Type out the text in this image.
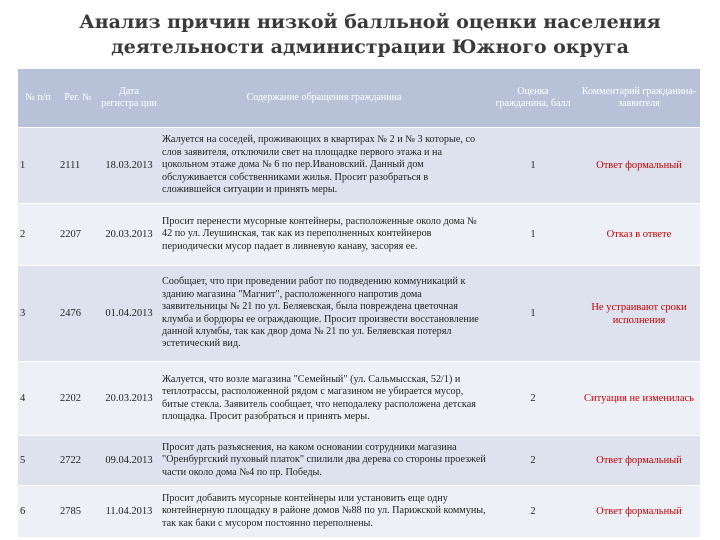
Анализ причин низкой балльной оценки населения
деятельности администрации Южного округа
№ п/п	Рег. №	Дата регистра ции	Содержание обращения гражданина	Оценка гражданина, балл	Комментарий гражданина-заявителя
1	2111	18.03.2013	Жалуется на соседей, проживающих в квартирах № 2 и № 3 которые, со слов заявителя, отключили свет на площадке первого этажа и на цокольном этаже дома № 6 по пер.Ивановский. Данный дом обслуживается собственниками жилья. Просит разобраться в сложившейся ситуации и принять меры.	1	Ответ формальный
2	2207	20.03.2013	Просит перенести мусорные контейнеры, расположенные около дома № 42 по ул. Леушинская, так как из переполненных контейнеров периодически мусор падает в ливневую канаву, засоряя ее.	1	Отказ в ответе
3	2476	01.04.2013	Сообщает, что при проведении работ по подведению коммуникаций к зданию магазина "Магнит", расположенного напротив дома заявительницы № 21 по ул. Беляевская, была повреждена цветочная клумба и бордюры ее ограждающие. Просит произвести восстановление данной клумбы, так как двор дома № 21 по ул. Беляевская потерял эстетический вид.	1	Не устраивают сроки исполнения
4	2202	20.03.2013	Жалуется, что возле магазина "Семейный" (ул. Сальмысская, 52/1) и теплотрассы, расположенной рядом с магазином не убирается мусор, битые стекла. Заявитель сообщает, что неподалеку расположена детская площадка. Просит разобраться и принять меры.	2	Ситуация не изменилась
5	2722	09.04.2013	Просит дать разъяснения, на каком основании сотрудники магазина "Оренбургский пуховый платок" спилили два дерева со стороны проезжей части около дома №4 по пр. Победы.	2	Ответ формальный
6	2785	11.04.2013	Просит добавить мусорные контейнеры или установить еще одну контейнерную площадку в районе домов №88 по ул. Парижской коммуны, так как баки с мусором постоянно переполнены.	2	Ответ формальный
